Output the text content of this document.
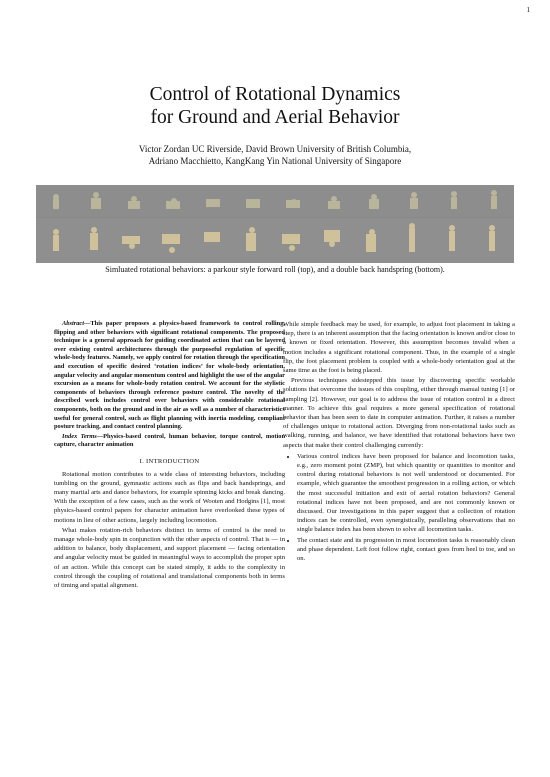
1
Control of Rotational Dynamics
for Ground and Aerial Behavior
Victor Zordan UC Riverside, David Brown University of British Columbia,
Adriano Macchietto, KangKang Yin National University of Singapore
Simluated rotational behaviors: a parkour style forward roll (top), and a double back handspring (bottom).

Abstract—This paper proposes a physics-based framework to control rolling, flipping and other behaviors with significant rotational components. The proposed technique is a general approach for guiding coordinated action that can be layered over existing control architectures through the purposeful regulation of specific whole-body features. Namely, we apply control for rotation through the specification and execution of specific desired ‘rotation indices’ for whole-body orientation, angular velocity and angular momentum control and highlight the use of the angular excursion as a means for whole-body rotation control. We account for the stylistic components of behaviors through reference posture control. The novelty of the described work includes control over behaviors with considerable rotational components, both on the ground and in the air as well as a number of characteristics useful for general control, such as flight planning with inertia modeling, compliant posture tracking, and contact control planning.

Index Terms—Physics-based control, human behavior, torque control, motion capture, character animation

I. INTRODUCTION

Rotational motion contributes to a wide class of interesting behaviors, including tumbling on the ground, gymnastic actions such as flips and back handsprings, and many martial arts and dance behaviors, for example spinning kicks and break dancing. With the exception of a few cases, such as the work of Wooten and Hodgins [1], most physics-based control papers for character animation have overlooked these types of motions in lieu of other actions, largely including locomotion.

What makes rotation-rich behaviors distinct in terms of control is the need to manage whole-body spin in conjunction with the other aspects of control. That is — in addition to balance, body displacement, and support placement — facing orientation and angular velocity must be guided in meaningful ways to accomplish the proper spin of an action. While this concept can be stated simply, it adds to the complexity in control through the coupling of rotational and translational components both in terms of timing and spatial alignment.

While simple feedback may be used, for example, to adjust foot placement in taking a step, there is an inherent assumption that the facing orientation is known and/or close to a known or fixed orientation. However, this assumption becomes invalid when a motion includes a significant rotational component. Thus, in the example of a single flip, the foot placement problem is coupled with a whole-body orientation goal at the same time as the foot is being placed.

Previous techniques sidestepped this issue by discovering specific workable solutions that overcome the issues of this coupling, either through manual tuning [1] or sampling [2]. However, our goal is to address the issue of rotation control in a direct manner. To achieve this goal requires a more general specification of rotational behavior than has been seen to date in computer animation. Further, it raises a number of challenges unique to rotational action. Diverging from non-rotational tasks such as walking, running, and balance, we have identified that rotational behaviors have two aspects that make their control challenging currently:

• Various control indices have been proposed for balance and locomotion tasks, e.g., zero moment point (ZMP), but which quantity or quantities to monitor and control during rotational behaviors is not well understood or documented. For example, which guarantee the smoothest progression in a rolling action, or which the most successful initiation and exit of aerial rotation behaviors? General rotational indices have not been proposed, and are not commonly known or discussed. Our investigations in this paper suggest that a collection of rotation indices can be controlled, even synergistically, paralleling observations that no single balance index has been shown to solve all locomotion tasks.
• The contact state and its progression in most locomotion tasks is reasonably clean and phase dependent. Left foot follow right, contact goes from heel to toe, and so on.
